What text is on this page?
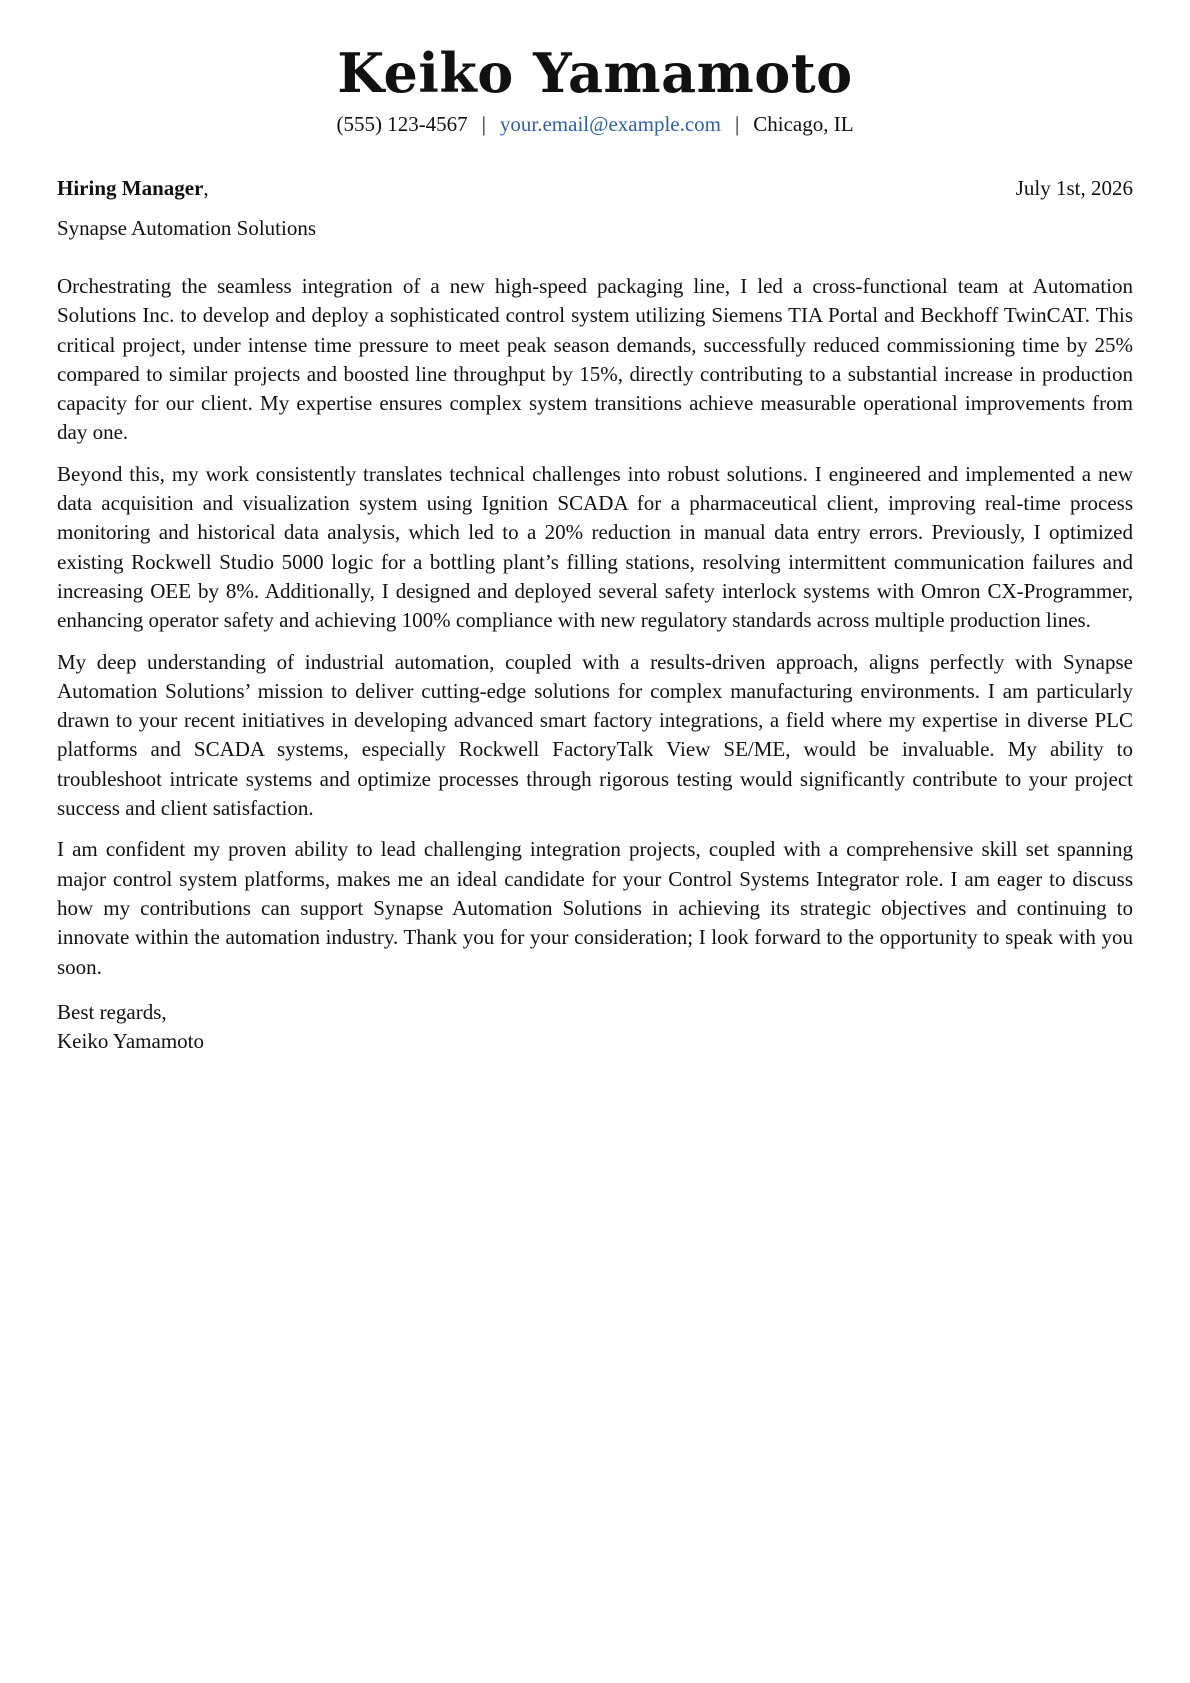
Keiko Yamamoto
(555) 123-4567 | your.email@example.com | Chicago, IL
Hiring Manager,	July 1st, 2026
Synapse Automation Solutions

Orchestrating the seamless integration of a new high-speed packaging line, I led a cross-functional team at Automation Solutions Inc. to develop and deploy a sophisticated control system utilizing Siemens TIA Portal and Beckhoff TwinCAT. This critical project, under intense time pressure to meet peak season demands, successfully reduced commissioning time by 25% compared to similar projects and boosted line throughput by 15%, directly contributing to a substantial increase in production capacity for our client. My expertise ensures complex system transitions achieve measurable operational improvements from day one.

Beyond this, my work consistently translates technical challenges into robust solutions. I engineered and implemented a new data acquisition and visualization system using Ignition SCADA for a pharmaceutical client, improving real-time process monitoring and historical data analysis, which led to a 20% reduction in manual data entry errors. Previously, I optimized existing Rockwell Studio 5000 logic for a bottling plant’s filling stations, resolving intermittent communication failures and increasing OEE by 8%. Additionally, I designed and deployed several safety interlock systems with Omron CX-Programmer, enhancing operator safety and achieving 100% compliance with new regulatory standards across multiple production lines.

My deep understanding of industrial automation, coupled with a results-driven approach, aligns perfectly with Synapse Automation Solutions’ mission to deliver cutting-edge solutions for complex manufacturing environments. I am particularly drawn to your recent initiatives in developing advanced smart factory integrations, a field where my expertise in diverse PLC platforms and SCADA systems, especially Rockwell FactoryTalk View SE/ME, would be invaluable. My ability to troubleshoot intricate systems and optimize processes through rigorous testing would significantly contribute to your project success and client satisfaction.

I am confident my proven ability to lead challenging integration projects, coupled with a comprehensive skill set spanning major control system platforms, makes me an ideal candidate for your Control Systems Integrator role. I am eager to discuss how my contributions can support Synapse Automation Solutions in achieving its strategic objectives and continuing to innovate within the automation industry. Thank you for your consideration; I look forward to the opportunity to speak with you soon.

Best regards,
Keiko Yamamoto
